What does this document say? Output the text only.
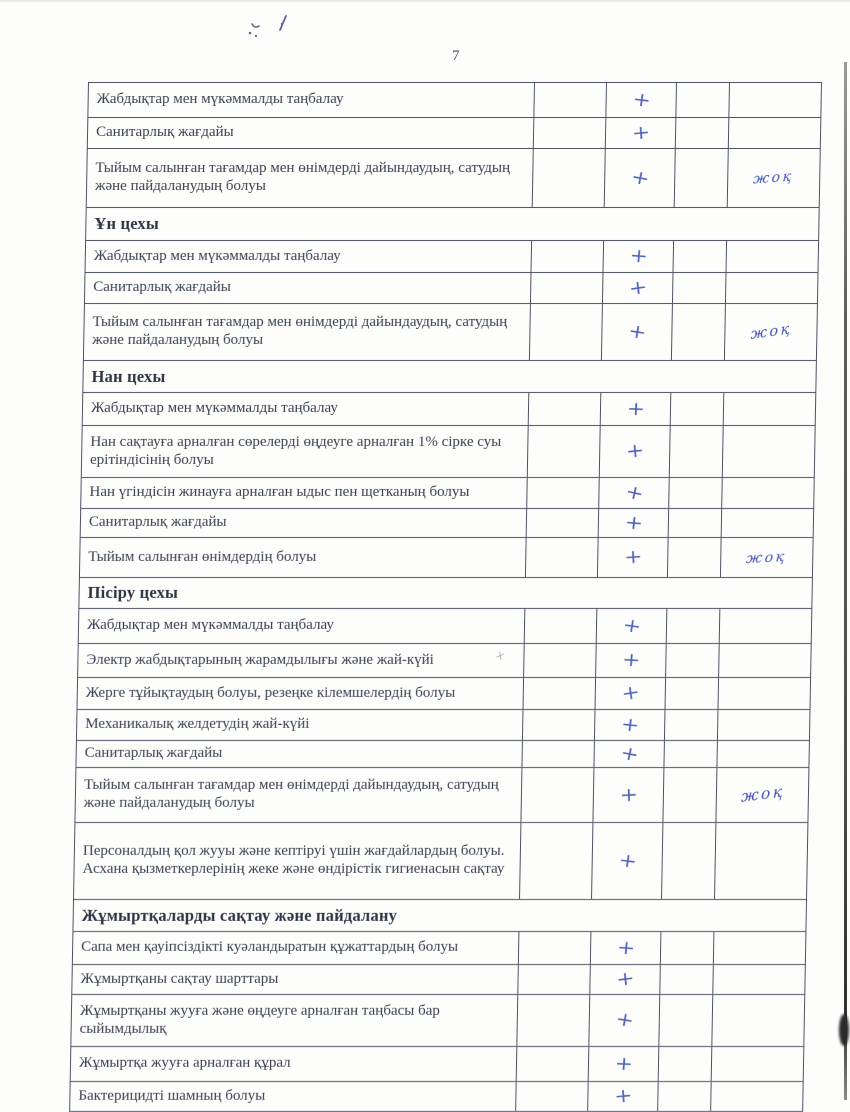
7
Жабдықтар мен мүкәммалды таңбалау	+
Санитарлық жағдайы	+
Тыйым салынған тағамдар мен өнімдерді дайындаудың, сатудың және пайдаланудың болуы	+	жоқ
Ұн цехы
Жабдықтар мен мүкәммалды таңбалау	+
Санитарлық жағдайы	+
Тыйым салынған тағамдар мен өнімдерді дайындаудың, сатудың және пайдаланудың болуы	+	жоқ
Нан цехы
Жабдықтар мен мүкәммалды таңбалау	+
Нан сақтауға арналған сөрелерді өңдеуге арналған 1% сірке суы ерітіндісінің болуы	+
Нан үгіндісін жинауға арналған ыдыс пен щетканың болуы	+
Санитарлық жағдайы	+
Тыйым салынған өнімдердің болуы	+	жоқ
Пісіру цехы
Жабдықтар мен мүкәммалды таңбалау	+
Электр жабдықтарының жарамдылығы және жай-күйі	+
Жерге тұйықтаудың болуы, резеңке кілемшелердің болуы	+
Механикалық желдетудің жай-күйі	+
Санитарлық жағдайы	+
Тыйым салынған тағамдар мен өнімдерді дайындаудың, сатудың және пайдаланудың болуы	+	жоқ
Персоналдың қол жууы және кептіруі үшін жағдайлардың болуы. Асхана қызметкерлерінің жеке және өндірістік гигиенасын сақтау	+
Жұмыртқаларды сақтау және пайдалану
Сапа мен қауіпсіздікті куәландыратын құжаттардың болуы	+
Жұмыртқаны сақтау шарттары	+
Жұмыртқаны жууға және өңдеуге арналған таңбасы бар сыйымдылық	+
Жұмыртқа жууға арналған құрал	+
Бактерицидті шамның болуы	+
х
